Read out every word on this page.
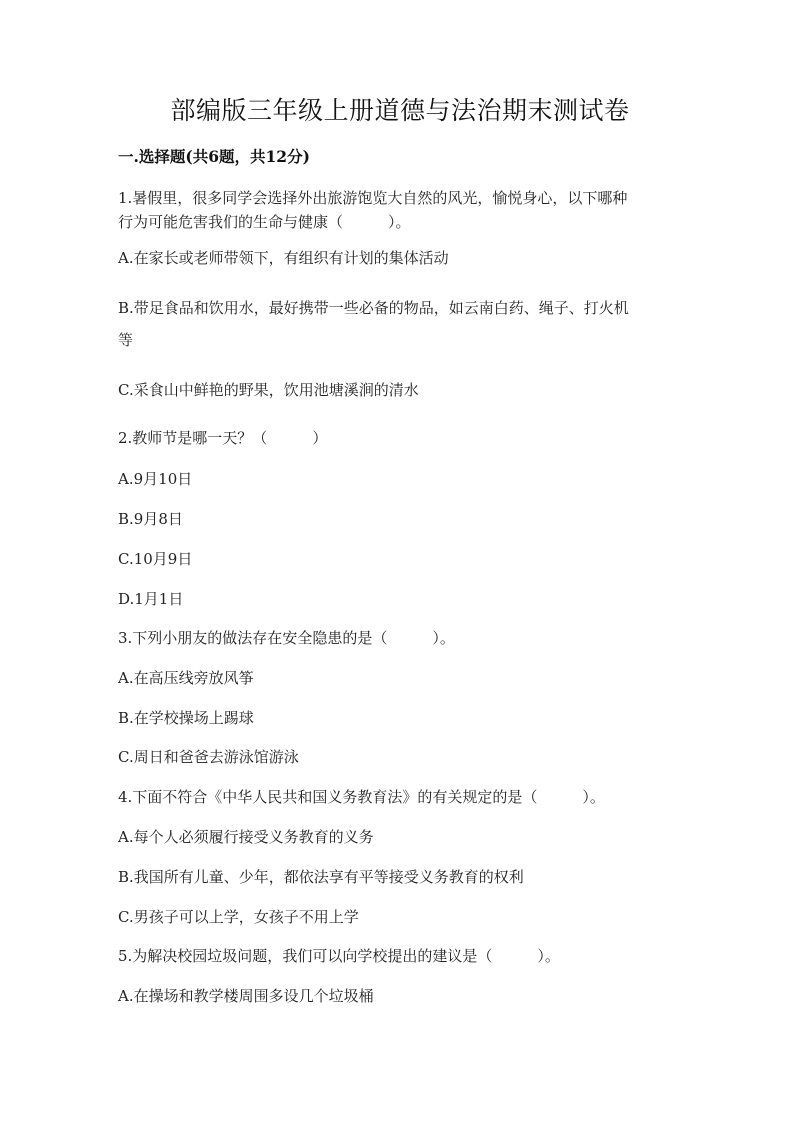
部编版三年级上册道德与法治期末测试卷
一.选择题(共6题，共12分)
1.暑假里，很多同学会选择外出旅游饱览大自然的风光，愉悦身心，以下哪种
行为可能危害我们的生命与健康（　　　）。
A.在家长或老师带领下，有组织有计划的集体活动
B.带足食品和饮用水，最好携带一些必备的物品，如云南白药、绳子、打火机
等
C.采食山中鲜艳的野果，饮用池塘溪涧的清水
2.教师节是哪一天？（　　　）
A.9月10日
B.9月8日
C.10月9日
D.1月1日
3.下列小朋友的做法存在安全隐患的是（　　　）。
A.在高压线旁放风筝
B.在学校操场上踢球
C.周日和爸爸去游泳馆游泳
4.下面不符合《中华人民共和国义务教育法》的有关规定的是（　　　）。
A.每个人必须履行接受义务教育的义务
B.我国所有儿童、少年，都依法享有平等接受义务教育的权利
C.男孩子可以上学，女孩子不用上学
5.为解决校园垃圾问题，我们可以向学校提出的建议是（　　　）。
A.在操场和教学楼周围多设几个垃圾桶
